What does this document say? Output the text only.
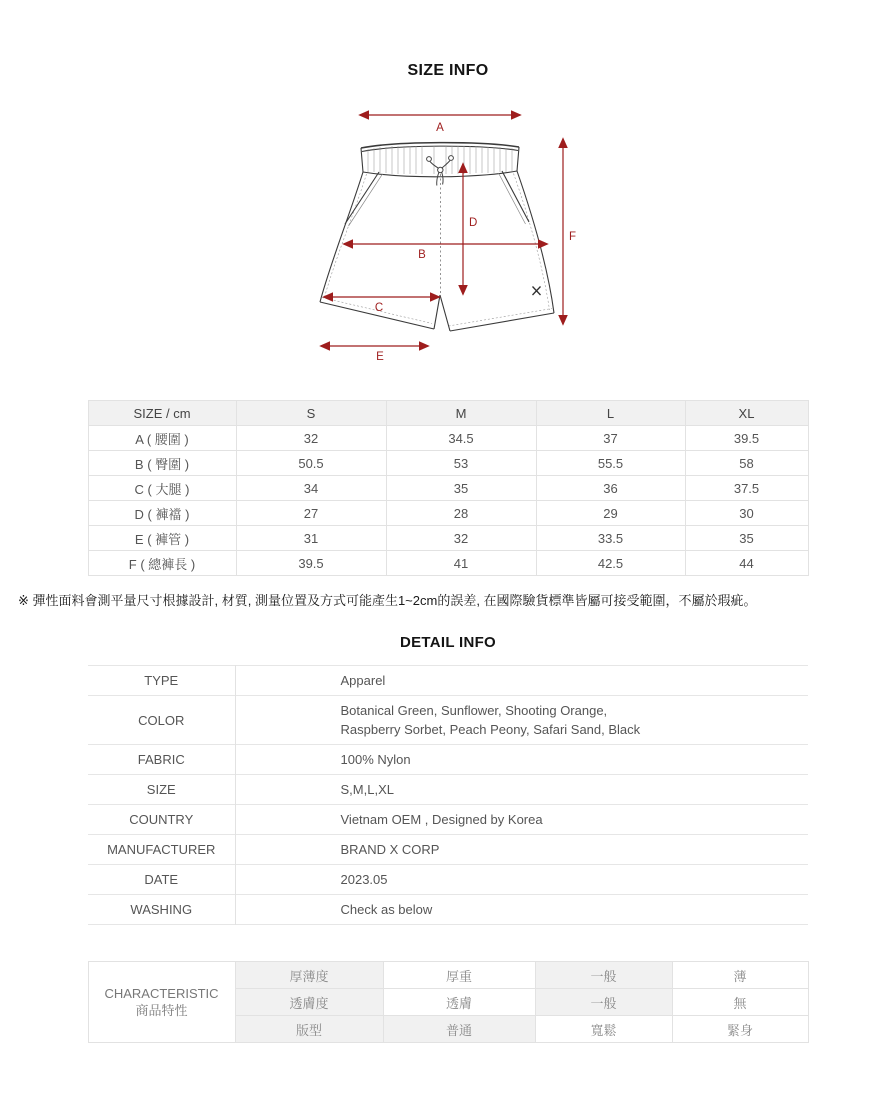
SIZE INFO
A
B
C
D
E
F
SIZE / cm	S	M	L	XL
A ( 腰圍 )	32	34.5	37	39.5
B ( 臀圍 )	50.5	53	55.5	58
C ( 大腿 )	34	35	36	37.5
D ( 褲襠 )	27	28	29	30
E ( 褲管 )	31	32	33.5	35
F ( 總褲長 )	39.5	41	42.5	44

※ 彈性面料會測平量尺寸根據設計, 材質, 測量位置及方式可能產生1~2cm的誤差, 在國際驗貨標準皆屬可接受範圍，不屬於瑕疵。

DETAIL INFO
TYPE	Apparel

COLOR	Botanical Green, Sunflower, Shooting Orange,
Raspberry Sorbet, Peach Peony, Safari Sand, Black

FABRIC	100% Nylon

SIZE	S,M,L,XL

COUNTRY	Vietnam OEM , Designed by Korea

MANUFACTURER	BRAND X CORP

DATE	2023.05

WASHING	Check as below
CHARACTERISTIC
商品特性	厚薄度	厚重	一般	薄
	透膚度	透膚	一般	無
	版型	普通	寬鬆	緊身
